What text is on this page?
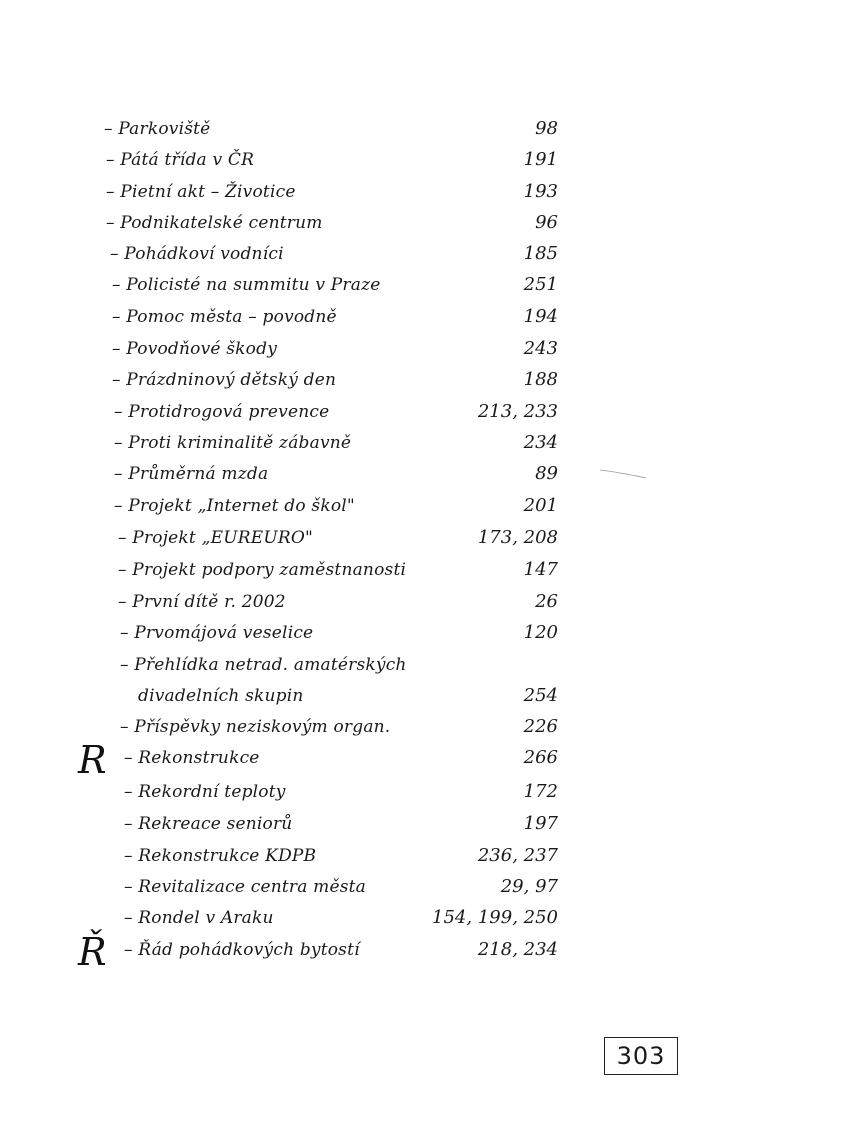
– Parkoviště	98
– Pátá třída v ČR	191
– Pietní akt – Životice	193
– Podnikatelské centrum	96
– Pohádkoví vodníci	185
– Policisté na summitu v Praze	251
– Pomoc města – povodně	194
– Povodňové škody	243
– Prázdninový dětský den	188
– Protidrogová prevence	213, 233
– Proti kriminalitě zábavně	234
– Průměrná mzda	89
– Projekt „Internet do škol"	201
– Projekt „EUREURO"	173, 208
– Projekt podpory zaměstnanosti	147
– První dítě r. 2002	26
– Prvomájová veselice	120
– Přehlídka netrad. amatérských
divadelních skupin	254
– Příspěvky neziskovým organ.	226
– Rekonstrukce	266
– Rekordní teploty	172
– Rekreace seniorů	197
– Rekonstrukce KDPB	236, 237
– Revitalizace centra města	29, 97
– Rondel v Araku	154, 199, 250
– Řád pohádkových bytostí	218, 234
R
Ř
303
